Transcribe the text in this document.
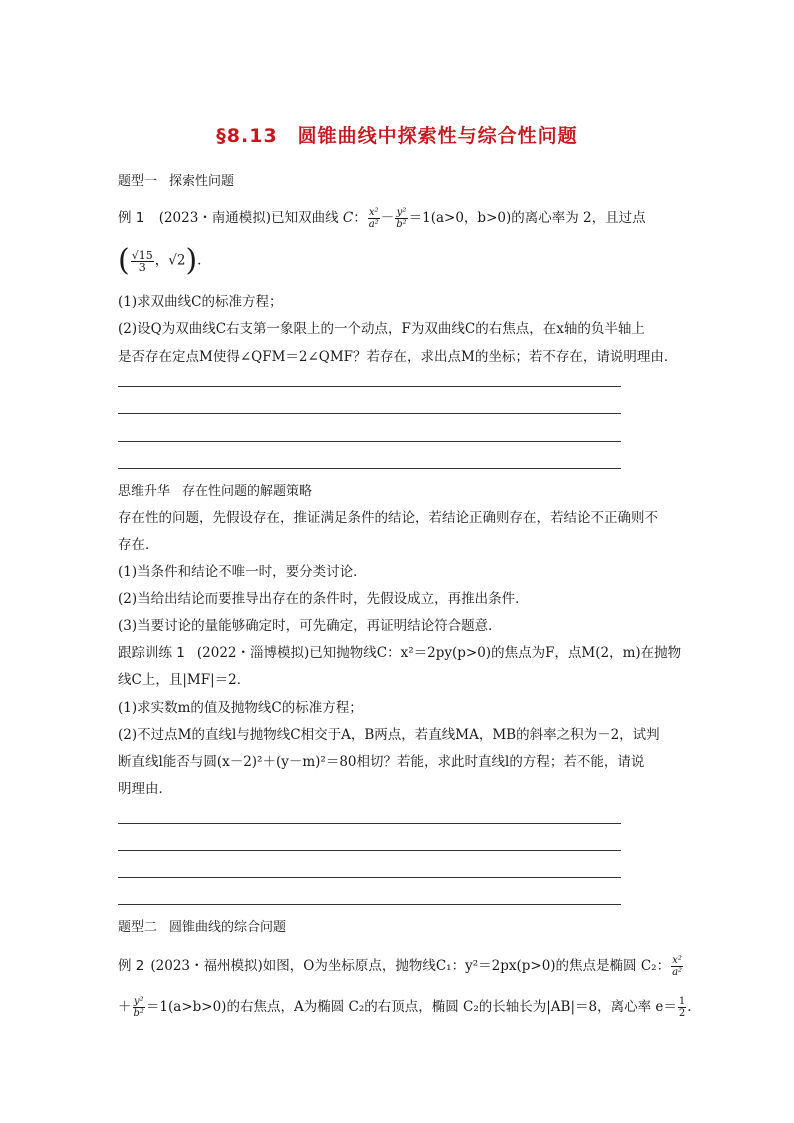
§8.13　圆锥曲线中探索性与综合性问题
题型一 探索性问题
例 1 (2023・南通模拟)已知双曲线 C： $\frac{\text{x²}}{\text{a²}} - \frac{\text{y²}}{\text{b²}} =1(a>0$，b>0)的离心率为 2，且过点
( $\frac{√15}{3}$ ，√2).
(1)求双曲线C的标准方程；
(2)设Q为双曲线C右支第一象限上的一个动点，F为双曲线C的右焦点，在x轴的负半轴上
是否存在定点M使得∠QFM＝2∠QMF？若存在，求出点M的坐标；若不存在，请说明理由．
思维升华 存在性问题的解题策略
存在性的问题，先假设存在，推证满足条件的结论，若结论正确则存在，若结论不正确则不
存在．
(1)当条件和结论不唯一时，要分类讨论．
(2)当给出结论而要推导出存在的条件时，先假设成立，再推出条件．
(3)当要讨论的量能够确定时，可先确定，再证明结论符合题意．
跟踪训练 1 (2022・淄博模拟)已知抛物线C：x²＝2py(p>0)的焦点为F，点M(2，m)在抛物
线C上，且|MF|＝2．
(1)求实数m的值及抛物线C的标准方程；
(2)不过点M的直线l与抛物线C相交于A，B两点，若直线MA，MB的斜率之积为－2，试判
断直线l能否与圆(x－2)²＋(y－m)²＝80相切？若能，求此时直线l的方程；若不能，请说
明理由．
题型二 圆锥曲线的综合问题
例 2 (2023・福州模拟)如图，O为坐标原点，抛物线C₁：y²＝2px(p>0)的焦点是椭圆 C₂： $\frac{\text{x²}}{\text{a²}}$
＋ $\frac{\text{y²}}{\text{b²}} =1(a>b>0)$的右焦点，A为椭圆 C₂的右顶点，椭圆 C₂的长轴长为|AB|＝8，离心率 $e= \frac{1}{2}$ .
